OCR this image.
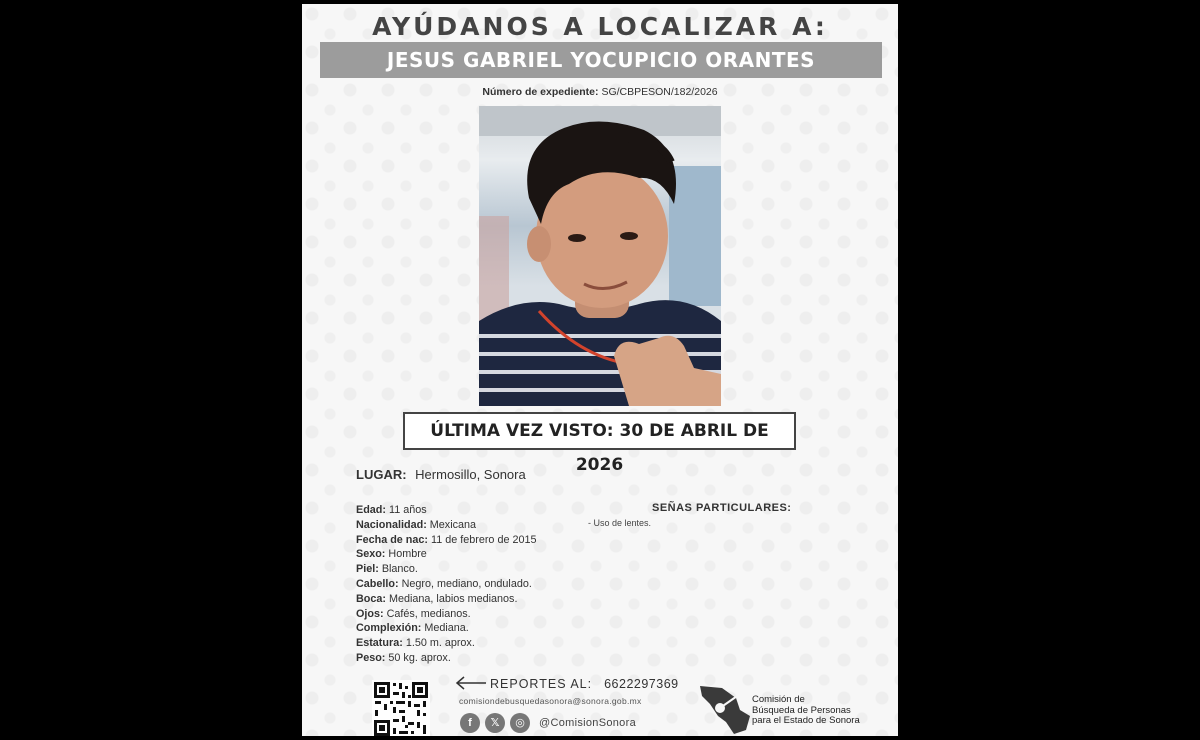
AYÚDANOS A LOCALIZAR A:
JESUS GABRIEL YOCUPICIO ORANTES
Número de expediente: SG/CBPESON/182/2026
ÚLTIMA VEZ VISTO: 30 DE ABRIL DE 2026
LUGAR: Hermosillo, Sonora
Edad: 11 años
Nacionalidad: Mexicana
Fecha de nac: 11 de febrero de 2015
Sexo: Hombre
Piel: Blanco.
Cabello: Negro, mediano, ondulado.
Boca: Mediana, labios medianos.
Ojos: Cafés, medianos.
Complexión: Mediana.
Estatura: 1.50 m. aprox.
Peso: 50 kg. aprox.
SEÑAS PARTICULARES:
- Uso de lentes.
REPORTES AL: 6622297369
comisiondebusquedasonora@sonora.gob.mx
f	𝕏	◎	@ComisionSonora
Comisión de
Búsqueda de Personas
para el Estado de Sonora
